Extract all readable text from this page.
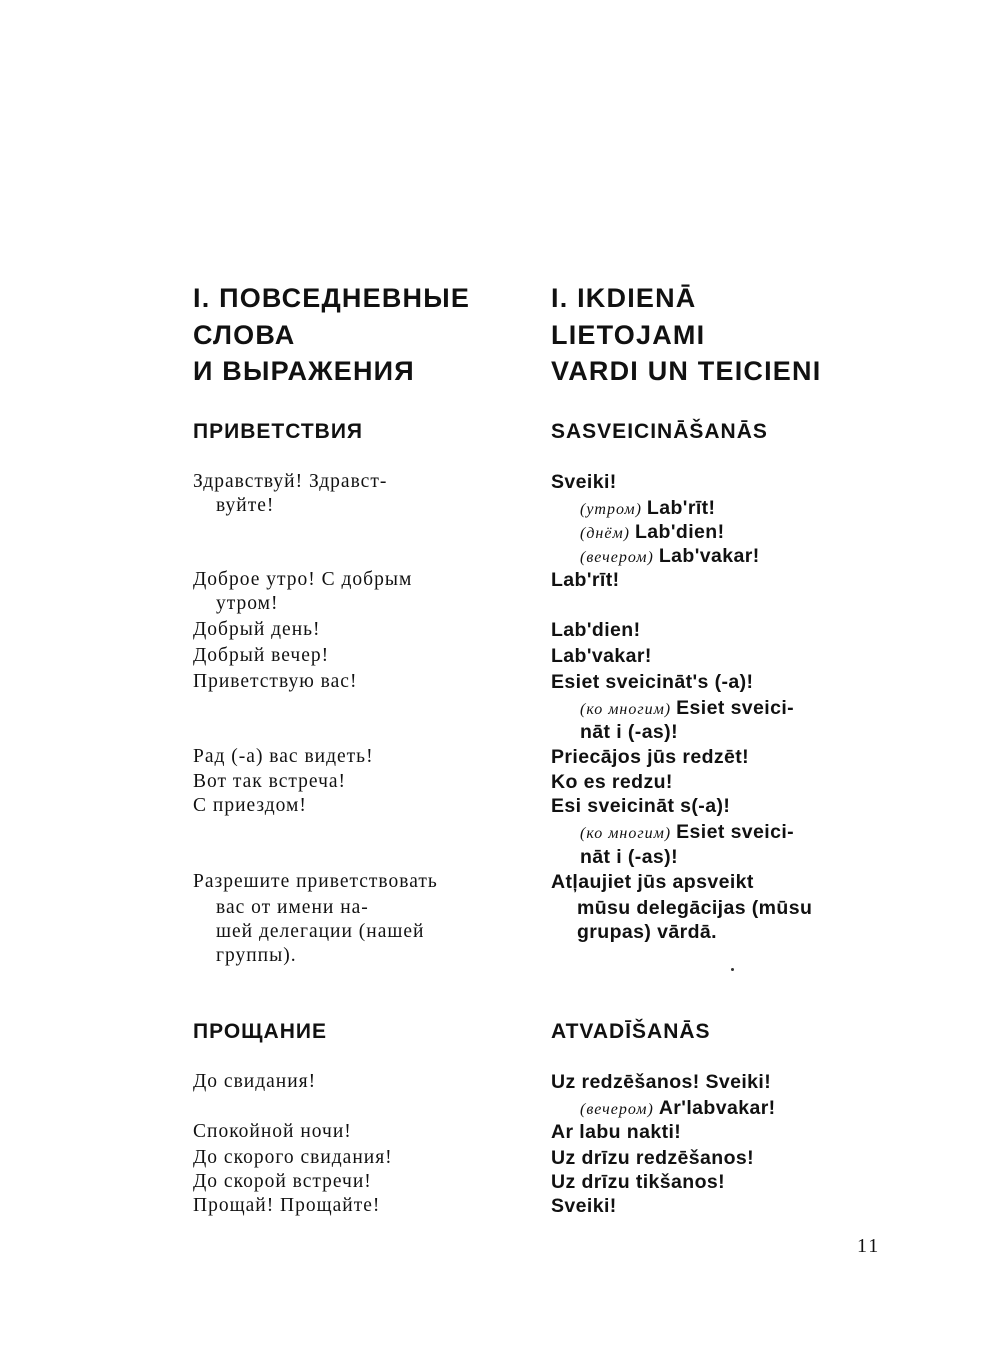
I. ПОВСЕДНЕВНЫЕ
СЛОВА
И ВЫРАЖЕНИЯ
ПРИВЕТСТВИЯ
Здравствуй! Здравст-
вуйте!
Доброе утро! С добрым
утром!
Добрый день!
Добрый вечер!
Приветствую вас!
Рад (-а) вас видеть!
Вот так встреча!
С приездом!
Разрешите приветствовать
вас от имени на-
шей делегации (нашей
группы).
ПРОЩАНИЕ
До свидания!
Спокойной ночи!
До скорого свидания!
До скорой встречи!
Прощай! Прощайте!
I. IKDIENĀ
LIETOJAMI
VARDI UN TEICIENI
SASVEICINĀŠANĀS
Sveiki!
(утром) Lab'rīt!
(днём) Lab'dien!
(вечером) Lab'vakar!
Lab'rīt!
Lab'dien!
Lab'vakar!
Esiet sveicināt's (-a)!
(ко многим) Esiet sveici-
nāt i (-as)!
Priecājos jūs redzēt!
Ko es redzu!
Esi sveicināt s(-a)!
(ко многим) Esiet sveici-
nāt i (-as)!
Atļaujiet jūs apsveikt
mūsu delegācijas (mūsu
grupas) vārdā.
ATVADĪŠANĀS
Uz redzēšanos! Sveiki!
(вечером) Ar'labvakar!
Ar labu nakti!
Uz drīzu redzēšanos!
Uz drīzu tikšanos!
Sveiki!
11
